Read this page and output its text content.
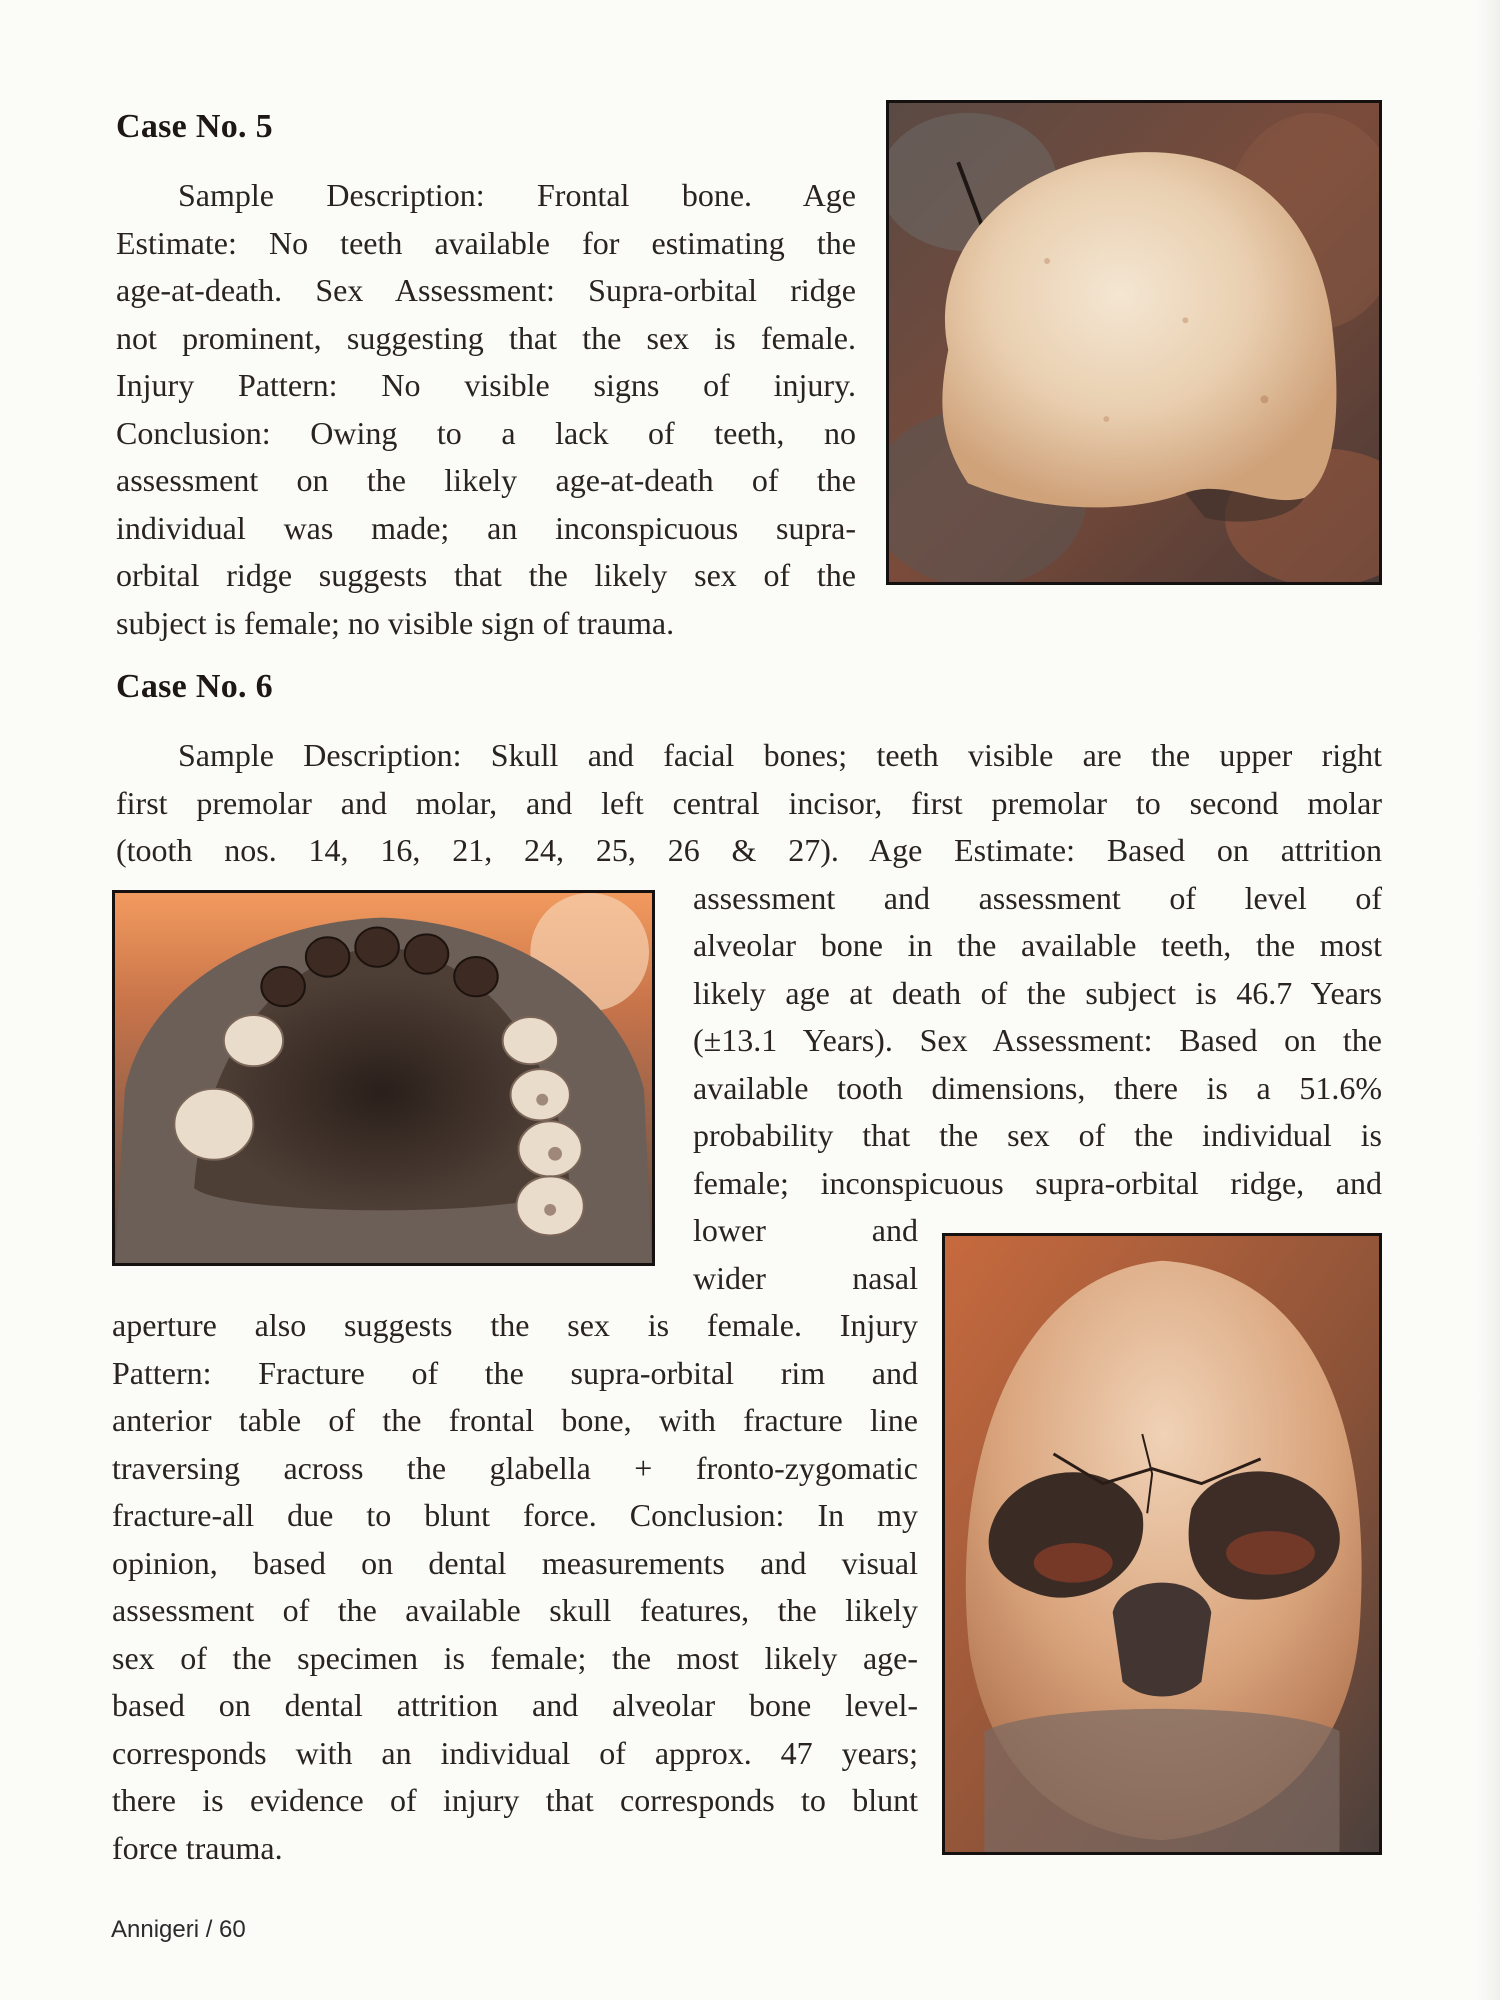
Case No. 5
Sample Description: Frontal bone. Age
Estimate: No teeth available for estimating the
age-at-death. Sex Assessment: Supra-orbital ridge
not prominent, suggesting that the sex is female.
Injury Pattern: No visible signs of injury.
Conclusion: Owing to a lack of teeth, no
assessment on the likely age-at-death of the
individual was made; an inconspicuous supra-
orbital ridge suggests that the likely sex of the
subject is female; no visible sign of trauma.
Case No. 6
Sample Description: Skull and facial bones; teeth visible are the upper right
first premolar and molar, and left central incisor, first premolar to second molar
(tooth nos. 14, 16, 21, 24, 25, 26 & 27). Age Estimate: Based on attrition
assessment and assessment of level of
alveolar bone in the available teeth, the most
likely age at death of the subject is 46.7 Years
(±13.1 Years). Sex Assessment: Based on the
available tooth dimensions, there is a 51.6%
probability that the sex of the individual is
female; inconspicuous supra-orbital ridge, and
lower and
wider nasal
aperture also suggests the sex is female. Injury
Pattern: Fracture of the supra-orbital rim and
anterior table of the frontal bone, with fracture line
traversing across the glabella + fronto-zygomatic
fracture-all due to blunt force. Conclusion: In my
opinion, based on dental measurements and visual
assessment of the available skull features, the likely
sex of the specimen is female; the most likely age-
based on dental attrition and alveolar bone level-
corresponds with an individual of approx. 47 years;
there is evidence of injury that corresponds to blunt
force trauma.
Annigeri / 60
